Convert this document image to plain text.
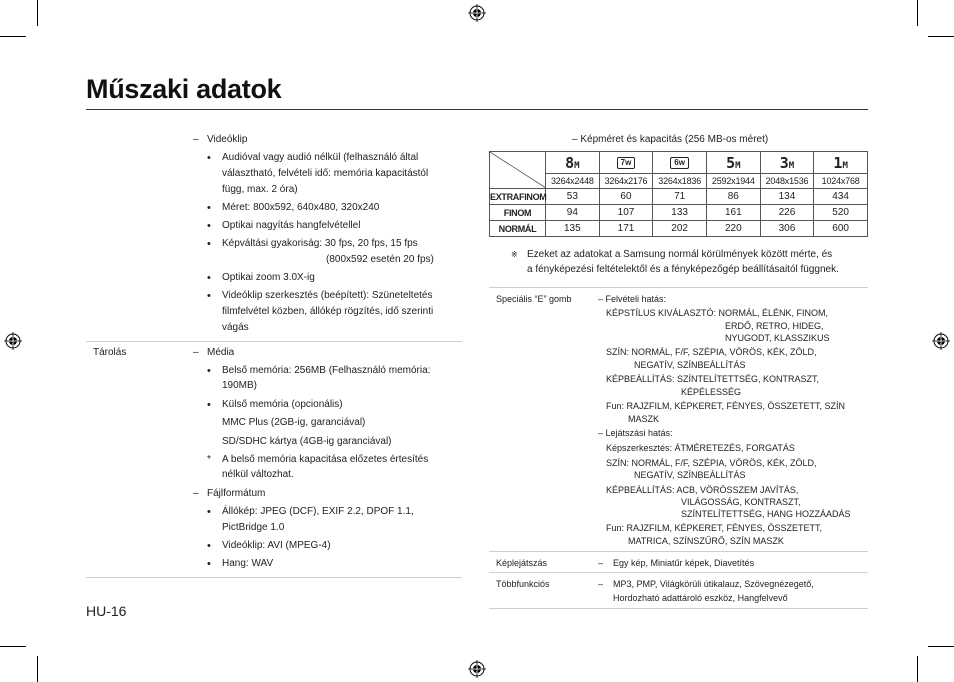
Műszaki adatok
– Videóklip
• Audióval vagy audió nélkül (felhasználó által
választható, felvételi idő: memória kapacitástól
függ, max. 2 óra)
• Méret: 800x592, 640x480, 320x240
• Optikai nagyítás hangfelvétellel
• Képváltási gyakoriság: 30 fps, 20 fps, 15 fps
(800x592 esetén 20 fps)
• Optikai zoom 3.0X-ig
• Videóklip szerkesztés (beépített): Szüneteltetés
filmfelvétel közben, állókép rögzítés, idő szerinti
vágás
Tárolás	– Média
• Belső memória: 256MB (Felhasználó memória:
190MB)
• Külső memória (opcionális)
MMC Plus (2GB-ig, garanciával)
SD/SDHC kártya (4GB-ig garanciával)
* A belső memória kapacitása előzetes értesítés
nélkül változhat.
– Fájlformátum
• Állókép: JPEG (DCF), EXIF 2.2, DPOF 1.1,
PictBridge 1.0
• Videóklip: AVI (MPEG-4)
• Hang: WAV
HU-16
– Képméret és kapacitás (256 MB-os méret)
	8M	7w	6w	5M	3M	1M
	3264x2448	3264x2176	3264x1836	2592x1944	2048x1536	1024x768
EXTRAFINOM	53	60	71	86	134	434
FINOM	94	107	133	161	226	520
NORMÁL	135	171	202	220	306	600
※ Ezeket az adatokat a Samsung normál körülmények között mérte, és
a fényképezési feltételektől és a fényképezőgép beállításaitól függnek.
Speciális “E” gomb	– Felvételi hatás:
KÉPSTÍLUS KIVÁLASZTÓ: NORMÁL, ÉLÉNK, FINOM,
ERDŐ, RETRO, HIDEG,
NYUGODT, KLASSZIKUS
SZÍN: NORMÁL, F/F, SZÉPIA, VÖRÖS, KÉK, ZÖLD,
NEGATÍV, SZÍNBEÁLLÍTÁS
KÉPBEÁLLÍTÁS: SZÍNTELÍTETTSÉG, KONTRASZT,
KÉPÉLESSÉG
Fun: RAJZFILM, KÉPKERET, FÉNYES, ÖSSZETETT, SZÍN
MASZK
– Lejátszási hatás:
Képszerkesztés: ÁTMÉRETEZÉS, FORGATÁS
SZÍN: NORMÁL, F/F, SZÉPIA, VÖRÖS, KÉK, ZÖLD,
NEGATÍV, SZÍNBEÁLLÍTÁS
KÉPBEÁLLÍTÁS: ACB, VÖRÖSSZEM JAVÍTÁS,
VILÁGOSSÁG, KONTRASZT,
SZÍNTELÍTETTSÉG, HANG HOZZÁADÁS
Fun: RAJZFILM, KÉPKERET, FÉNYES, ÖSSZETETT,
MATRICA, SZÍNSZŰRŐ, SZÍN MASZK
Képlejátszás	– Egy kép, Miniatűr képek, Diavetítés
Többfunkciós	– MP3, PMP, Világkörüli útikalauz, Szövegnézegető,
Hordozható adattároló eszköz, Hangfelvevő
